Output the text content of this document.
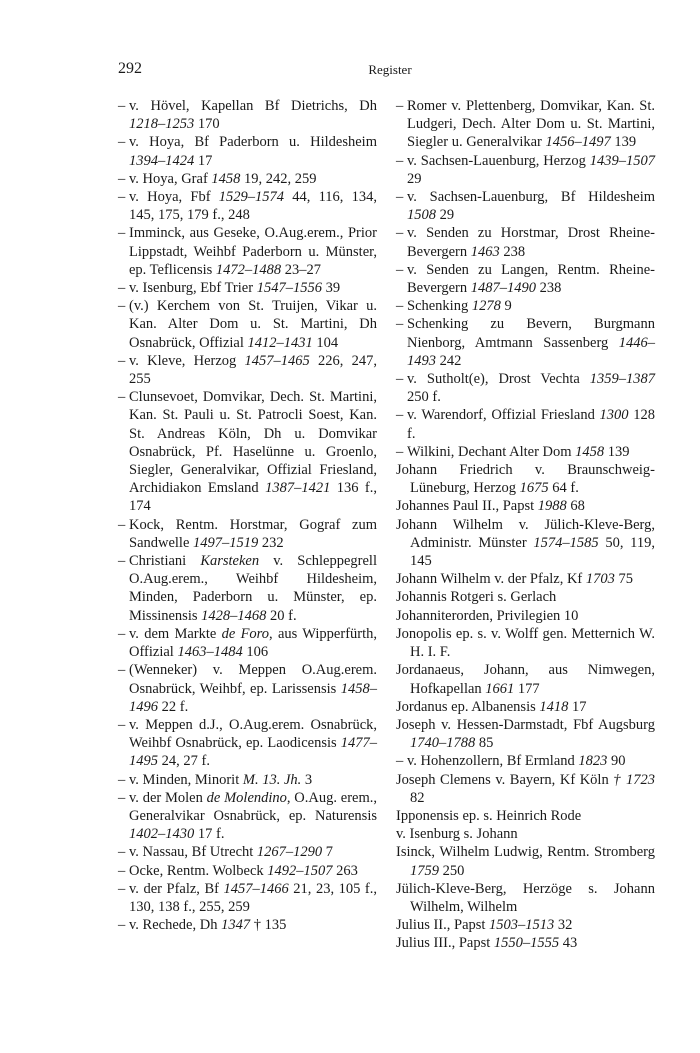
292	Register
– v. Hövel, Kapellan Bf Dietrichs, Dh 1218–1253 170
– v. Hoya, Bf Paderborn u. Hildesheim 1394–1424 17
– v. Hoya, Graf 1458 19, 242, 259
– v. Hoya, Fbf 1529–1574 44, 116, 134, 145, 175, 179 f., 248
– Imminck, aus Geseke, O.Aug.erem., Prior Lippstadt, Weihbf Paderborn u. Münster, ep. Teflicensis 1472–1488 23–27
– v. Isenburg, Ebf Trier 1547–1556 39
– (v.) Kerchem von St. Truijen, Vikar u. Kan. Alter Dom u. St. Martini, Dh Osnabrück, Offizial 1412–1431 104
– v. Kleve, Herzog 1457–1465 226, 247, 255
– Clunsevoet, Domvikar, Dech. St. Martini, Kan. St. Pauli u. St. Patrocli Soest, Kan. St. Andreas Köln, Dh u. Domvikar Osnabrück, Pf. Haselünne u. Groenlo, Siegler, Generalvikar, Offizial Friesland, Archidiakon Emsland 1387–1421 136 f., 174
– Kock, Rentm. Horstmar, Gograf zum Sandwelle 1497–1519 232
– Christiani Karsteken v. Schleppegrell O.Aug.erem., Weihbf Hildesheim, Minden, Paderborn u. Münster, ep. Missinensis 1428–1468 20 f.
– v. dem Markte de Foro, aus Wipperfürth, Offizial 1463–1484 106
– (Wenneker) v. Meppen O.Aug.erem. Osnabrück, Weihbf, ep. Larissensis 1458–1496 22 f.
– v. Meppen d.J., O.Aug.erem. Osnabrück, Weihbf Osnabrück, ep. Laodicensis 1477–1495 24, 27 f.
– v. Minden, Minorit M. 13. Jh. 3
– v. der Molen de Molendino, O.Aug. erem., Generalvikar Osnabrück, ep. Naturensis 1402–1430 17 f.
– v. Nassau, Bf Utrecht 1267–1290 7
– Ocke, Rentm. Wolbeck 1492–1507 263
– v. der Pfalz, Bf 1457–1466 21, 23, 105 f., 130, 138 f., 255, 259
– v. Rechede, Dh 1347 † 135
– Romer v. Plettenberg, Domvikar, Kan. St. Ludgeri, Dech. Alter Dom u. St. Martini, Siegler u. Generalvikar 1456–1497 139
– v. Sachsen-Lauenburg, Herzog 1439–1507 29
– v. Sachsen-Lauenburg, Bf Hildesheim 1508 29
– v. Senden zu Horstmar, Drost Rheine-Bevergern 1463 238
– v. Senden zu Langen, Rentm. Rheine-Bevergern 1487–1490 238
– Schenking 1278 9
– Schenking zu Bevern, Burgmann Nienborg, Amtmann Sassenberg 1446–1493 242
– v. Sutholt(e), Drost Vechta 1359–1387 250 f.
– v. Warendorf, Offizial Friesland 1300 128 f.
– Wilkini, Dechant Alter Dom 1458 139
Johann Friedrich v. Braunschweig-Lüneburg, Herzog 1675 64 f.
Johannes Paul II., Papst 1988 68
Johann Wilhelm v. Jülich-Kleve-Berg, Administr. Münster 1574–1585 50, 119, 145
Johann Wilhelm v. der Pfalz, Kf 1703 75
Johannis Rotgeri s. Gerlach
Johanniterorden, Privilegien 10
Jonopolis ep. s. v. Wolff gen. Metternich W. H. I. F.
Jordanaeus, Johann, aus Nimwegen, Hofkapellan 1661 177
Jordanus ep. Albanensis 1418 17
Joseph v. Hessen-Darmstadt, Fbf Augsburg 1740–1788 85
– v. Hohenzollern, Bf Ermland 1823 90
Joseph Clemens v. Bayern, Kf Köln † 1723 82
Ipponensis ep. s. Heinrich Rode
v. Isenburg s. Johann
Isinck, Wilhelm Ludwig, Rentm. Stromberg 1759 250
Jülich-Kleve-Berg, Herzöge s. Johann Wilhelm, Wilhelm
Julius II., Papst 1503–1513 32
Julius III., Papst 1550–1555 43
